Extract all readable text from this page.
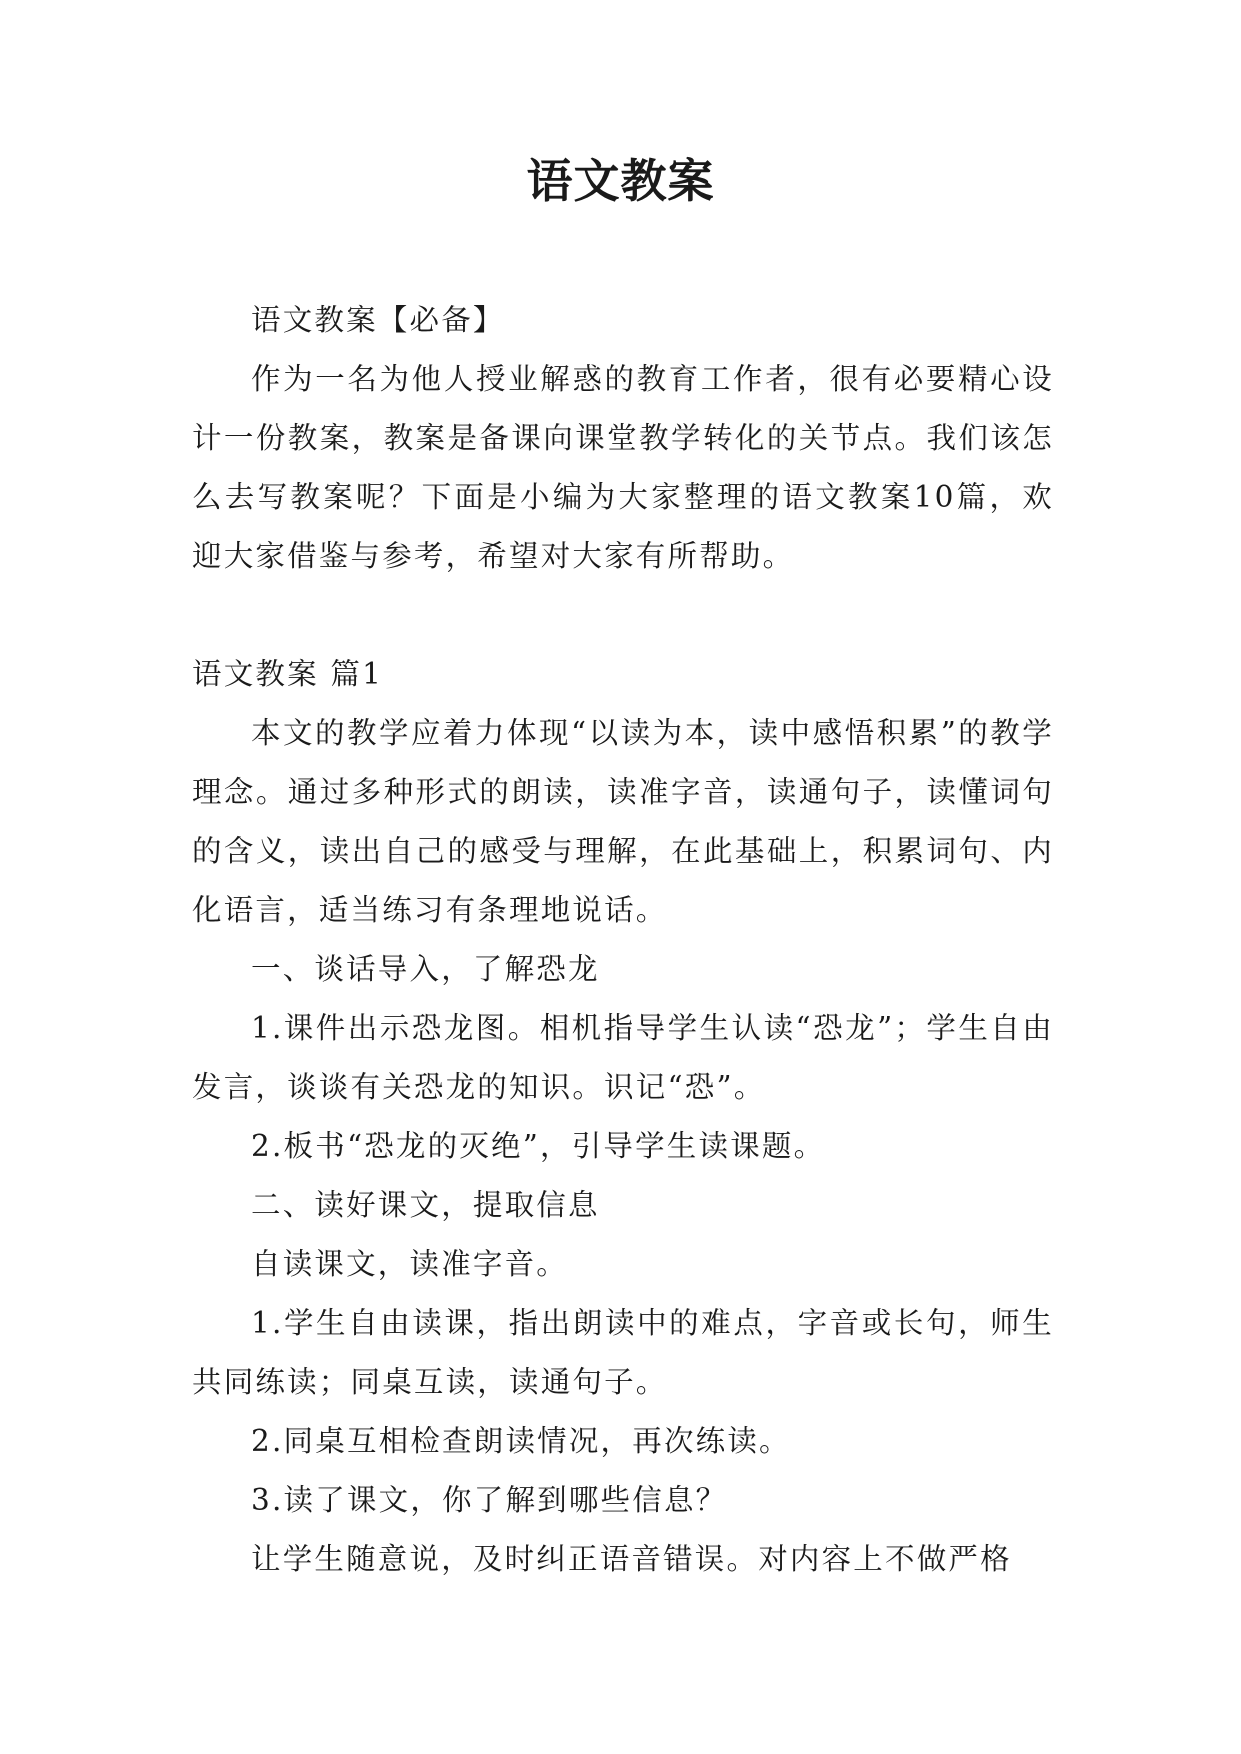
语文教案

语文教案【必备】

作为一名为他人授业解惑的教育工作者，很有必要精心设计一份教案，教案是备课向课堂教学转化的关节点。我们该怎么去写教案呢？下面是小编为大家整理的语文教案10篇，欢迎大家借鉴与参考，希望对大家有所帮助。

语文教案 篇1

本文的教学应着力体现“以读为本，读中感悟积累”的教学理念。通过多种形式的朗读，读准字音，读通句子，读懂词句的含义，读出自己的感受与理解，在此基础上，积累词句、内化语言，适当练习有条理地说话。

一、谈话导入，了解恐龙

1.课件出示恐龙图。相机指导学生认读“恐龙”；学生自由发言，谈谈有关恐龙的知识。识记“恐”。

2.板书“恐龙的灭绝”，引导学生读课题。

二、读好课文，提取信息

自读课文，读准字音。

1.学生自由读课，指出朗读中的难点，字音或长句，师生共同练读；同桌互读，读通句子。

2.同桌互相检查朗读情况，再次练读。

3.读了课文，你了解到哪些信息？

让学生随意说，及时纠正语音错误。对内容上不做严格
